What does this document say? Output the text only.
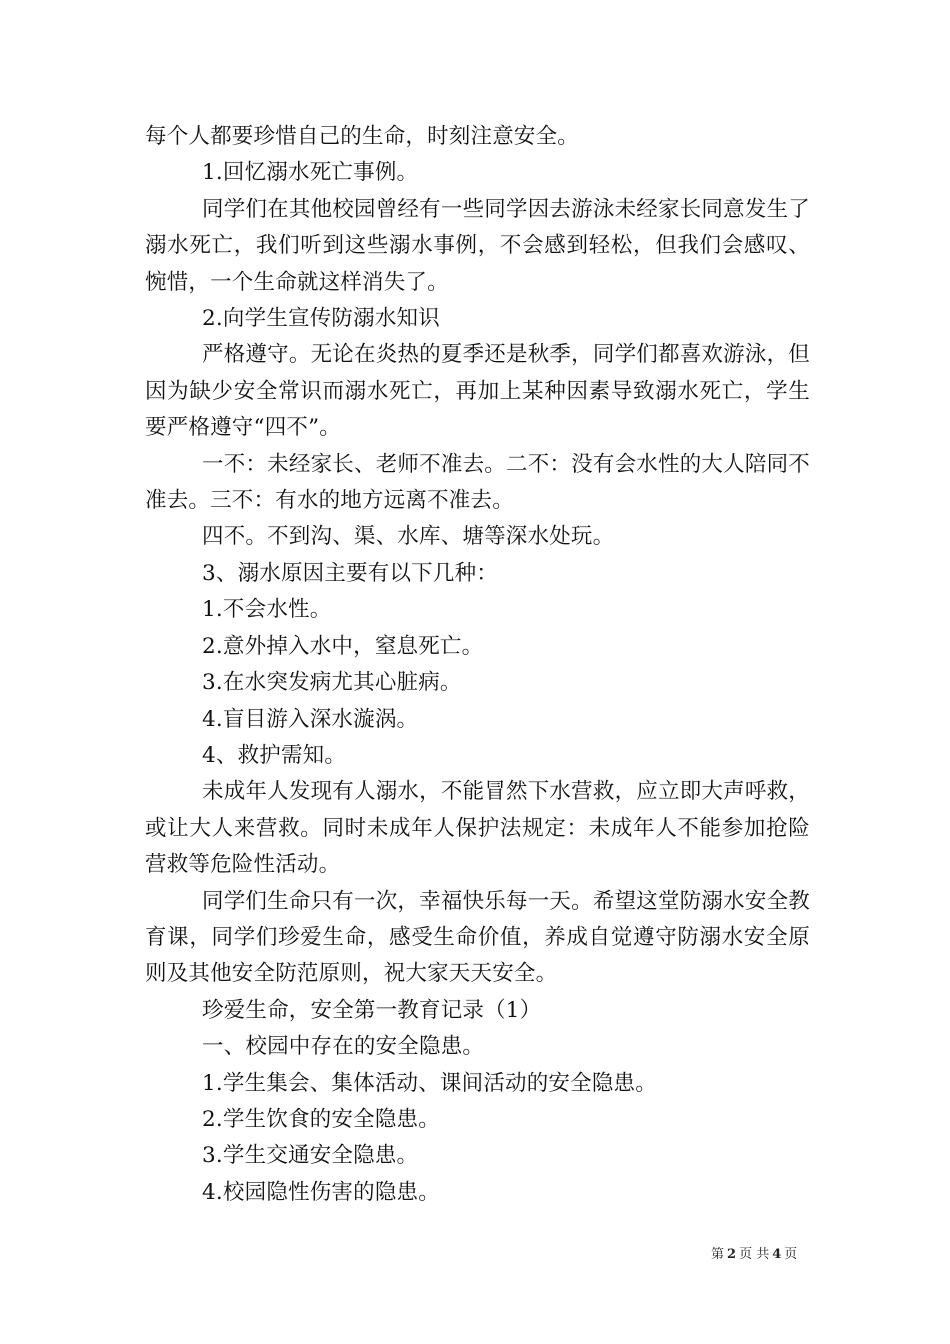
每个人都要珍惜自己的生命，时刻注意安全。

1.回忆溺水死亡事例。

同学们在其他校园曾经有一些同学因去游泳未经家长同意发生了溺水死亡，我们听到这些溺水事例，不会感到轻松，但我们会感叹、惋惜，一个生命就这样消失了。

2.向学生宣传防溺水知识

严格遵守。无论在炎热的夏季还是秋季，同学们都喜欢游泳，但因为缺少安全常识而溺水死亡，再加上某种因素导致溺水死亡，学生要严格遵守“四不”。

一不：未经家长、老师不准去。二不：没有会水性的大人陪同不准去。三不：有水的地方远离不准去。

四不。不到沟、渠、水库、塘等深水处玩。

3、溺水原因主要有以下几种：

1.不会水性。

2.意外掉入水中，窒息死亡。

3.在水突发病尤其心脏病。

4.盲目游入深水漩涡。

4、救护需知。

未成年人发现有人溺水，不能冒然下水营救，应立即大声呼救，或让大人来营救。同时未成年人保护法规定：未成年人不能参加抢险营救等危险性活动。

同学们生命只有一次，幸福快乐每一天。希望这堂防溺水安全教育课，同学们珍爱生命，感受生命价值，养成自觉遵守防溺水安全原则及其他安全防范原则，祝大家天天安全。

珍爱生命，安全第一教育记录（1）

一、校园中存在的安全隐患。

1.学生集会、集体活动、课间活动的安全隐患。

2.学生饮食的安全隐患。

3.学生交通安全隐患。

4.校园隐性伤害的隐患。

第 2 页 共 4 页
